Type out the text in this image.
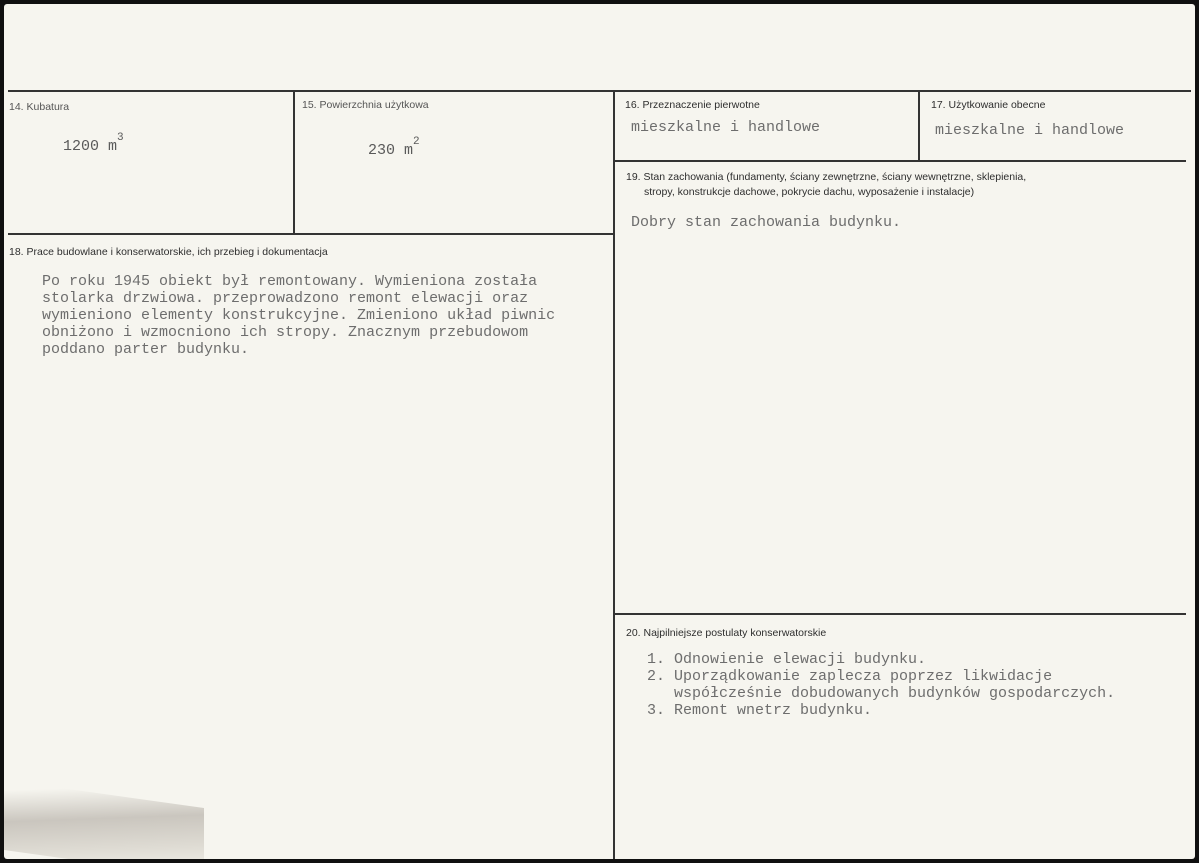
14. Kubatura
1200 $m^3$
15. Powierzchnia użytkowa
230 $m^2$
16. Przeznaczenie pierwotne
mieszkalne i handlowe
17. Użytkowanie obecne
mieszkalne i handlowe
19. Stan zachowania (fundamenty, ściany zewnętrzne, ściany wewnętrzne, sklepienia,
stropy, konstrukcje dachowe, pokrycie dachu, wyposażenie i instalacje)
Dobry stan zachowania budynku.
18. Prace budowlane i konserwatorskie, ich przebieg i dokumentacja
Po roku 1945 obiekt był remontowany. Wymieniona została
stolarka drzwiowa. przeprowadzono remont elewacji oraz
wymieniono elementy konstrukcyjne. Zmieniono układ piwnic
obniżono i wzmocniono ich stropy. Znacznym przebudowom
poddano parter budynku.
20. Najpilniejsze postulaty konserwatorskie
1. Odnowienie elewacji budynku.
2. Uporządkowanie zaplecza poprzez likwidacje
współcześnie dobudowanych budynków gospodarczych.
3. Remont wnetrz budynku.
